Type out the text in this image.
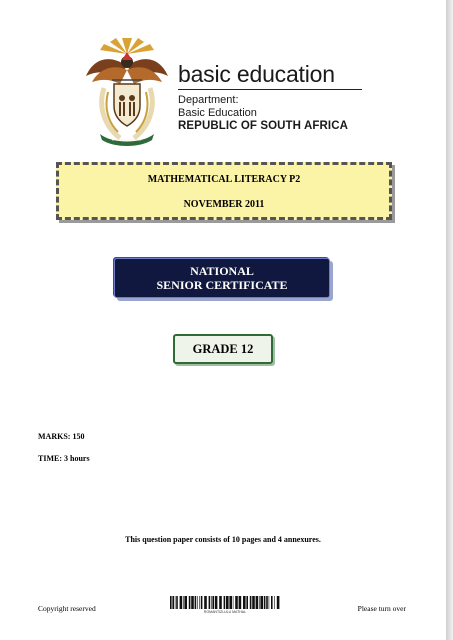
basic education
Department:
Basic Education
REPUBLIC OF SOUTH AFRICA
MATHEMATICAL LITERACY P2
NOVEMBER 2011
NATIONAL
SENIOR CERTIFICATE
GRADE 12
MARKS: 150
TIME: 3 hours
This question paper consists of 10 pages and 4 annexures.
Copyright reserved	ROMANTIZLULU MATHAL	Please turn over
